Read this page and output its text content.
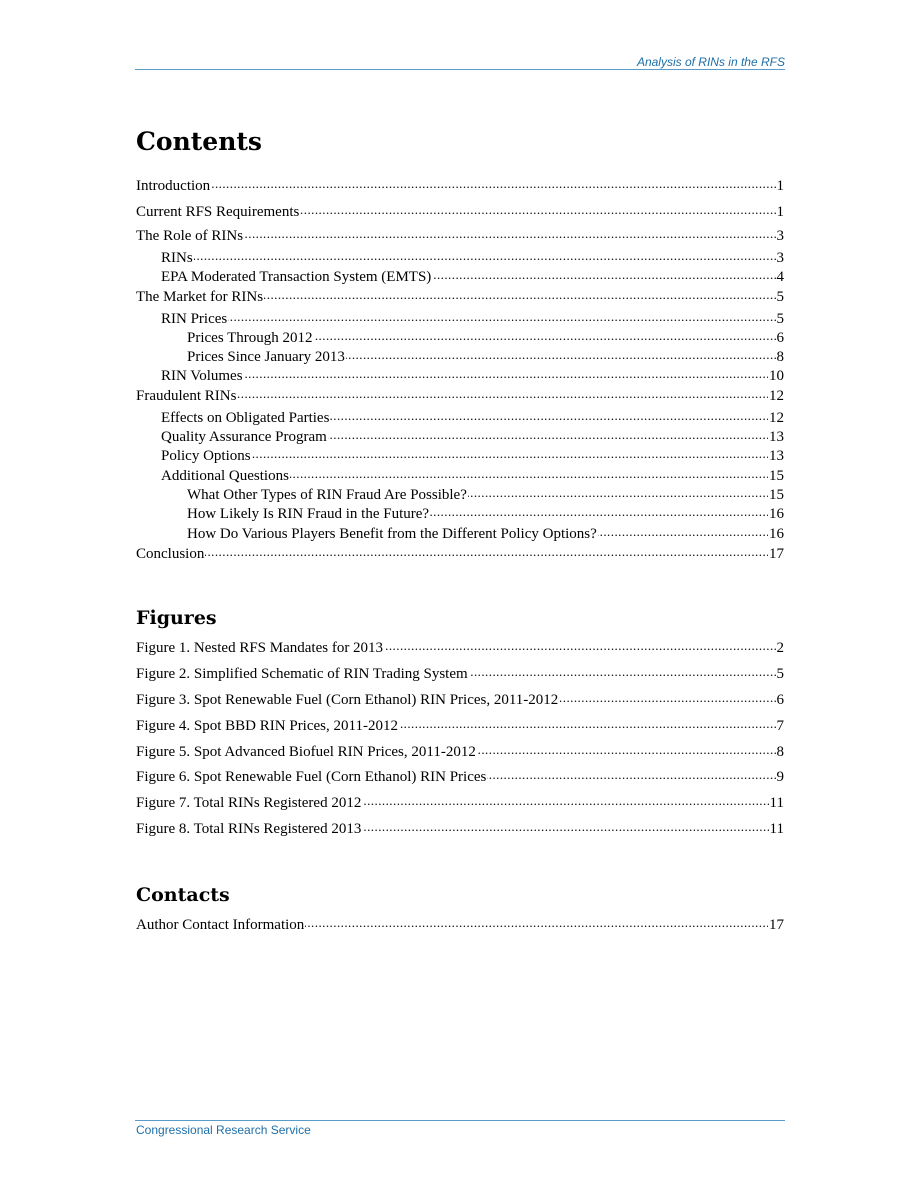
Analysis of RINs in the RFS
Contents
Introduction . . .	1
Current RFS Requirements . . .	1
The Role of RINs . . .	3
RINs . . .	3
EPA Moderated Transaction System (EMTS) . . .	4
The Market for RINs . . .	5
RIN Prices . . .	5
Prices Through 2012 . . .	6
Prices Since January 2013 . . .	8
RIN Volumes . . .	10
Fraudulent RINs . . .	12
Effects on Obligated Parties . . .	12
Quality Assurance Program . . .	13
Policy Options . . .	13
Additional Questions . . .	15
What Other Types of RIN Fraud Are Possible? . . .	15
How Likely Is RIN Fraud in the Future? . . .	16
How Do Various Players Benefit from the Different Policy Options? . . .	16
Conclusion . . .	17
Figures
Figure 1. Nested RFS Mandates for 2013 . . .	2
Figure 2. Simplified Schematic of RIN Trading System . . .	5
Figure 3. Spot Renewable Fuel (Corn Ethanol) RIN Prices, 2011-2012 . . .	6
Figure 4. Spot BBD RIN Prices, 2011-2012 . . .	7
Figure 5. Spot Advanced Biofuel RIN Prices, 2011-2012 . . .	8
Figure 6. Spot Renewable Fuel (Corn Ethanol) RIN Prices . . .	9
Figure 7. Total RINs Registered 2012 . . .	11
Figure 8. Total RINs Registered 2013 . . .	11
Contacts
Author Contact Information . . .	17
Congressional Research Service
